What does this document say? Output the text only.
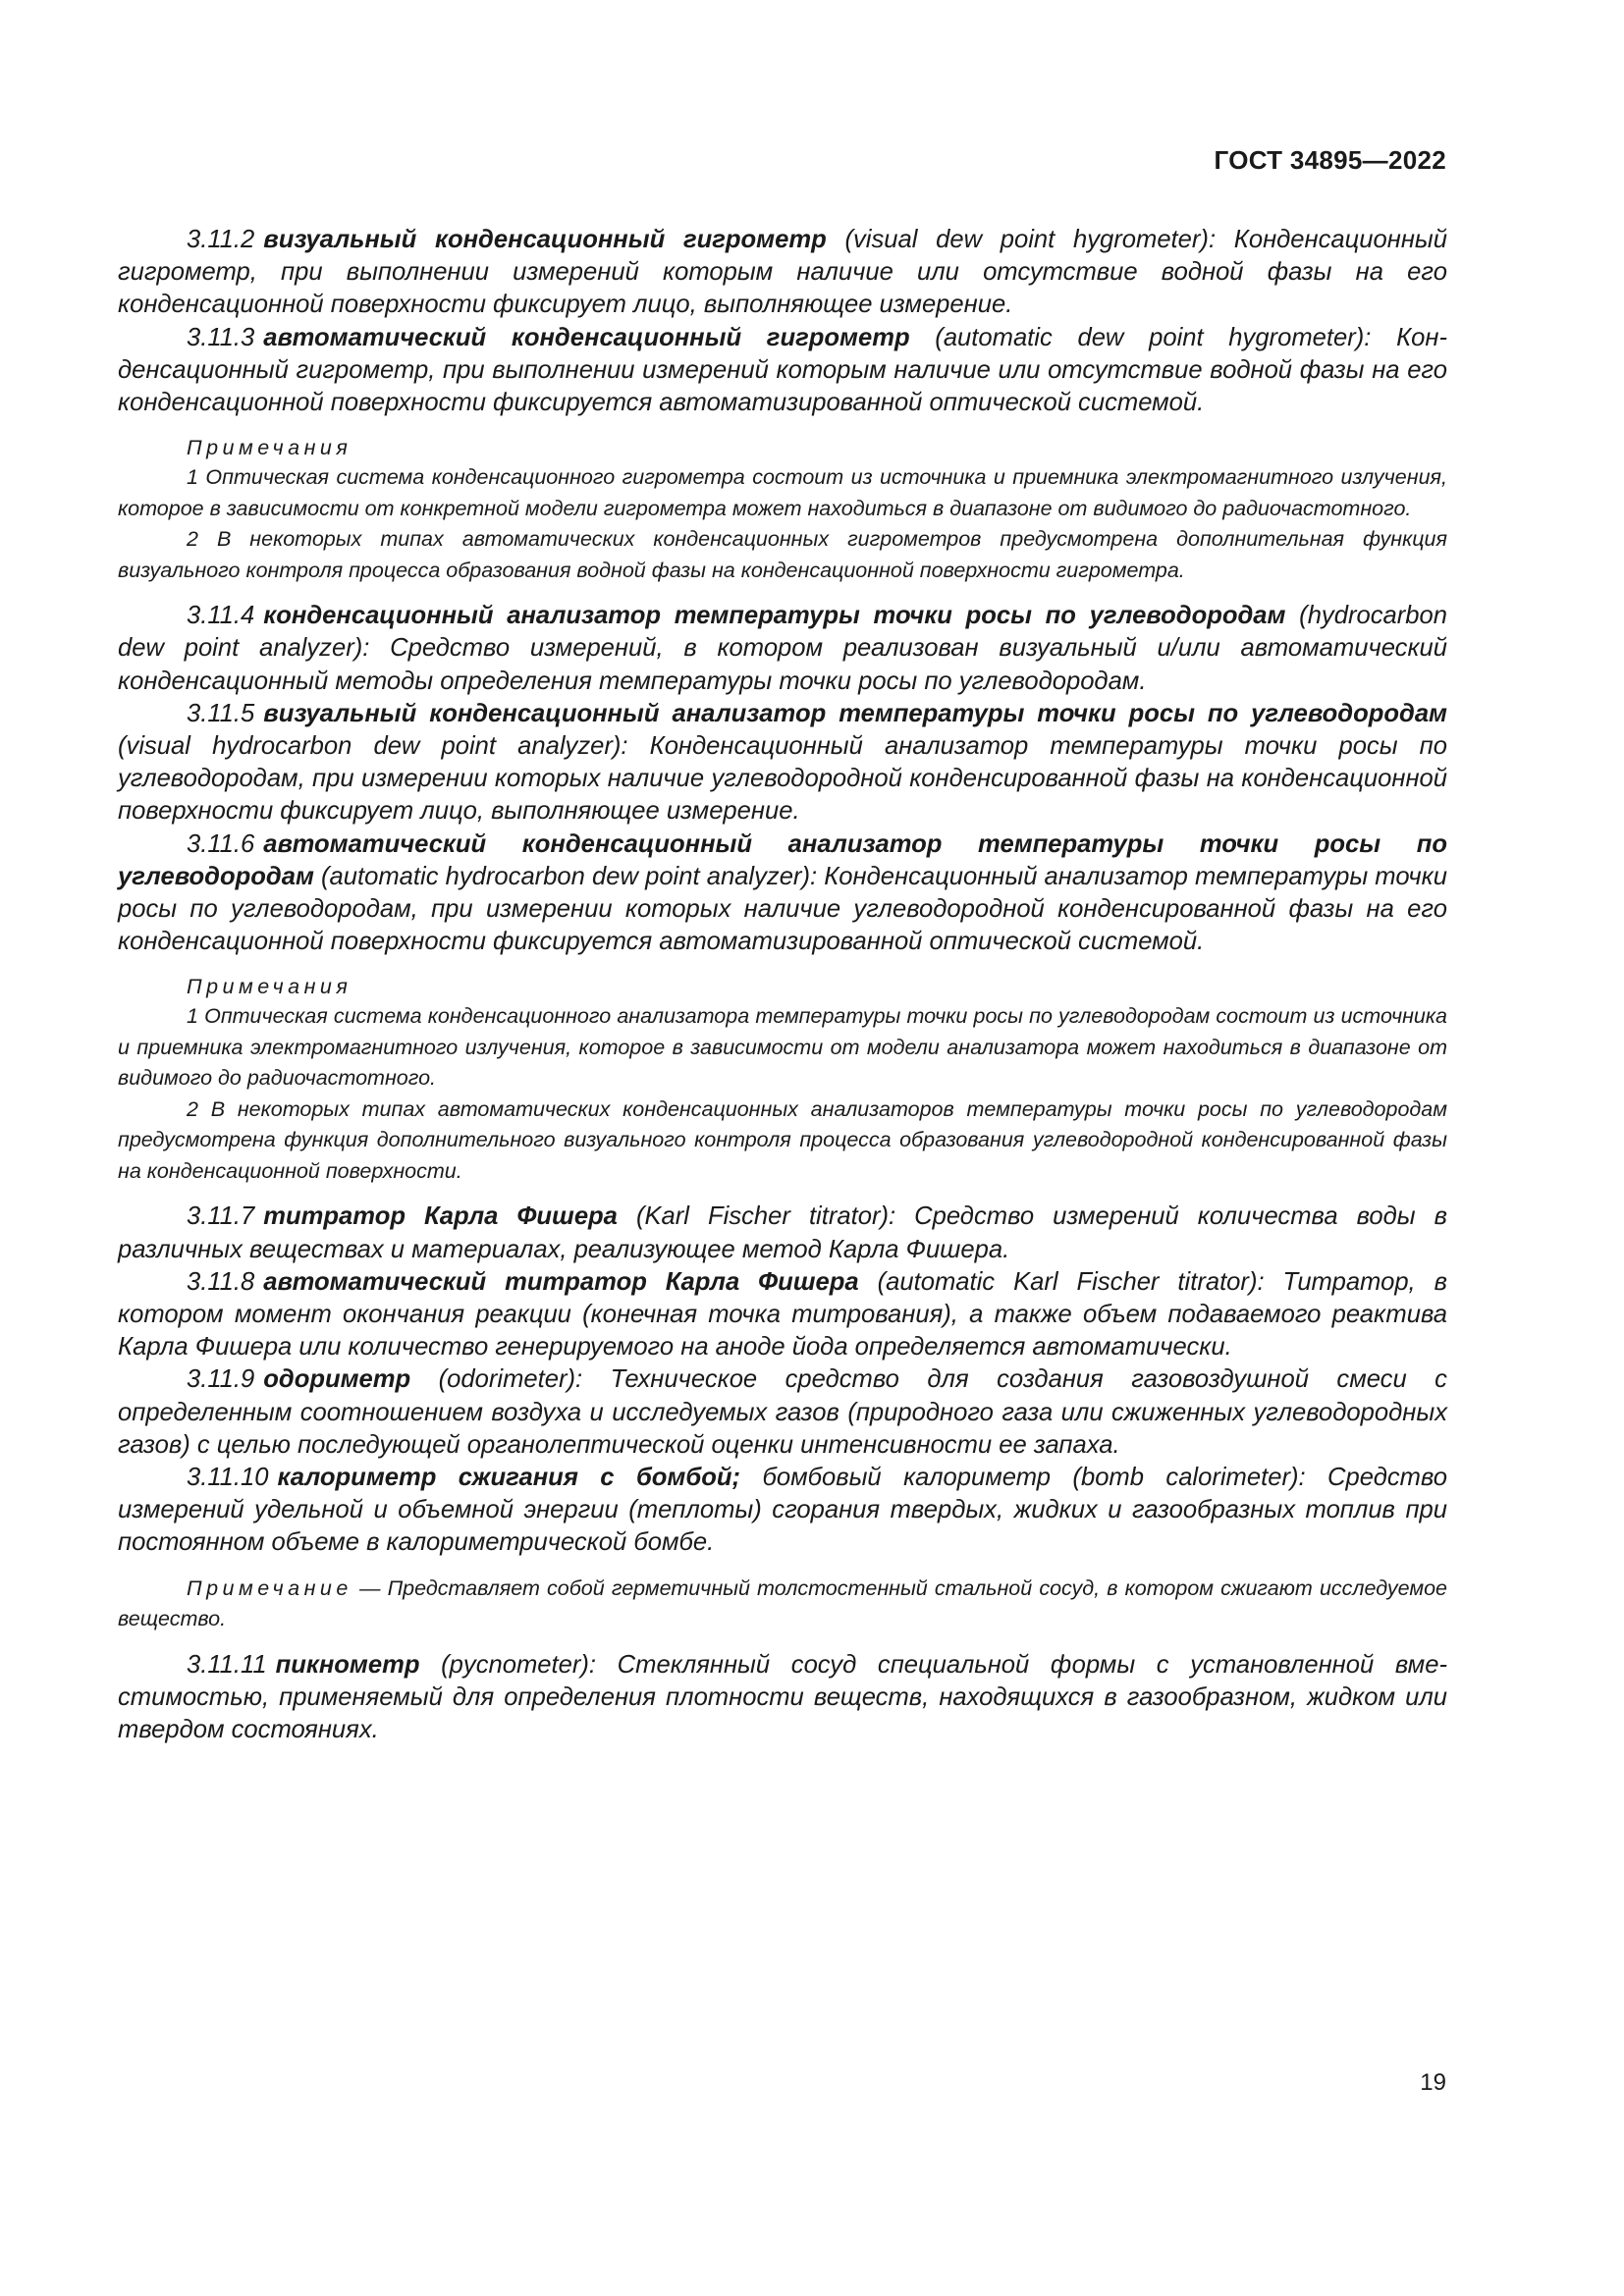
ГОСТ 34895—2022

3.11.2 визуальный конденсационный гигрометр (visual dew point hygrometer): Конденсационный гигрометр, при выполнении измерений которым наличие или отсутствие водной фазы на его конденсационной поверхности фиксирует лицо, выполняющее измерение.

3.11.3 автоматический конденсационный гигрометр (automatic dew point hygrometer): Конденсационный гигрометр, при выполнении измерений которым наличие или отсутствие водной фазы на его конденсационной поверхности фиксируется автоматизированной оптической системой.

Примечания

1 Оптическая система конденсационного гигрометра состоит из источника и приемника электромагнитного излучения, которое в зависимости от конкретной модели гигрометра может находиться в диапазоне от видимого до радиочастотного.

2 В некоторых типах автоматических конденсационных гигрометров предусмотрена дополнительная функция визуального контроля процесса образования водной фазы на конденсационной поверхности гигрометра.

3.11.4 конденсационный анализатор температуры точки росы по углеводородам (hydrocarbon dew point analyzer): Средство измерений, в котором реализован визуальный и/или автоматический конденсационный методы определения температуры точки росы по углеводородам.

3.11.5 визуальный конденсационный анализатор температуры точки росы по углеводородам (visual hydrocarbon dew point analyzer): Конденсационный анализатор температуры точки росы по углеводородам, при измерении которых наличие углеводородной конденсированной фазы на конденсационной поверхности фиксирует лицо, выполняющее измерение.

3.11.6 автоматический конденсационный анализатор температуры точки росы по углеводородам (automatic hydrocarbon dew point analyzer): Конденсационный анализатор температуры точки росы по углеводородам, при измерении которых наличие углеводородной конденсированной фазы на его конденсационной поверхности фиксируется автоматизированной оптической системой.

Примечания

1 Оптическая система конденсационного анализатора температуры точки росы по углеводородам состоит из источника и приемника электромагнитного излучения, которое в зависимости от модели анализатора может находиться в диапазоне от видимого до радиочастотного.

2 В некоторых типах автоматических конденсационных анализаторов температуры точки росы по углеводородам предусмотрена функция дополнительного визуального контроля процесса образования углеводородной конденсированной фазы на конденсационной поверхности.

3.11.7 титратор Карла Фишера (Karl Fischer titrator): Средство измерений количества воды в различных веществах и материалах, реализующее метод Карла Фишера.

3.11.8 автоматический титратор Карла Фишера (automatic Karl Fischer titrator): Титратор, в котором момент окончания реакции (конечная точка титрования), а также объем подаваемого реактива Карла Фишера или количество генерируемого на аноде йода определяется автоматически.

3.11.9 одориметр (odorimeter): Техническое средство для создания газовоздушной смеси с определенным соотношением воздуха и исследуемых газов (природного газа или сжиженных углеводородных газов) с целью последующей органолептической оценки интенсивности ее запаха.

3.11.10 калориметр сжигания с бомбой; бомбовый калориметр (bomb calorimeter): Средство измерений удельной и объемной энергии (теплоты) сгорания твердых, жидких и газообразных топлив при постоянном объеме в калориметрической бомбе.

Примечание — Представляет собой герметичный толстостенный стальной сосуд, в котором сжигают исследуемое вещество.

3.11.11 пикнометр (pycnometer): Стеклянный сосуд специальной формы с установленной вместимостью, применяемый для определения плотности веществ, находящихся в газообразном, жидком или твердом состояниях.

19
